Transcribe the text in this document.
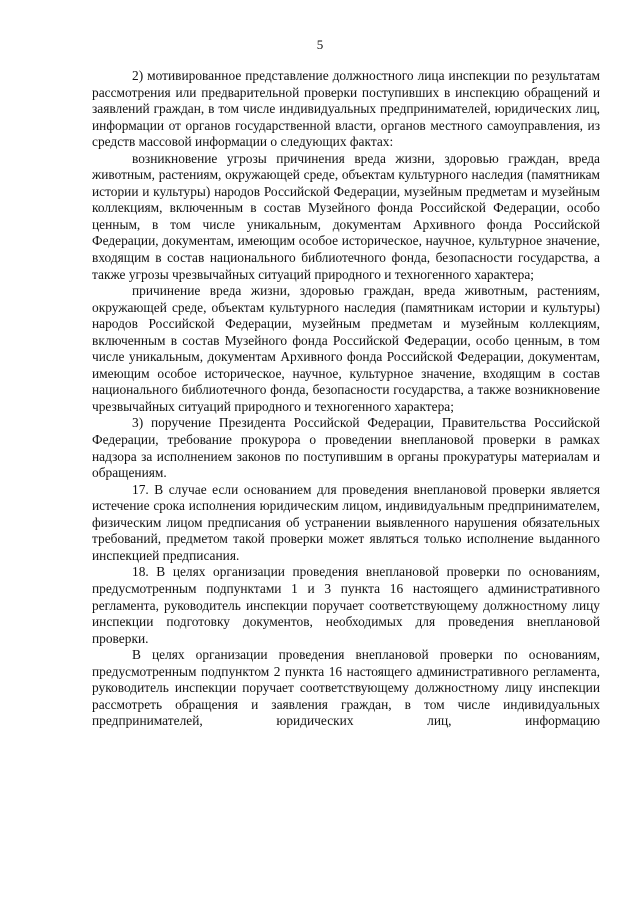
5

2) мотивированное представление должностного лица инспекции по результатам рассмотрения или предварительной проверки поступивших в инспекцию обращений и заявлений граждан, в том числе индивидуальных предпринимателей, юридических лиц, информации от органов государственной власти, органов местного самоуправления, из средств массовой информации о следующих фактах:

возникновение угрозы причинения вреда жизни, здоровью граждан, вреда животным, растениям, окружающей среде, объектам культурного наследия (памятникам истории и культуры) народов Российской Федерации, музейным предметам и музейным коллекциям, включенным в состав Музейного фонда Российской Федерации, особо ценным, в том числе уникальным, документам Архивного фонда Российской Федерации, документам, имеющим особое историческое, научное, культурное значение, входящим в состав национального библиотечного фонда, безопасности государства, а также угрозы чрезвычайных ситуаций природного и техногенного характера;

причинение вреда жизни, здоровью граждан, вреда животным, растениям, окружающей среде, объектам культурного наследия (памятникам истории и культуры) народов Российской Федерации, музейным предметам и музейным коллекциям, включенным в состав Музейного фонда Российской Федерации, особо ценным, в том числе уникальным, документам Архивного фонда Российской Федерации, документам, имеющим особое историческое, научное, культурное значение, входящим в состав национального библиотечного фонда, безопасности государства, а также возникновение чрезвычайных ситуаций природного и техногенного характера;

3) поручение Президента Российской Федерации, Правительства Российской Федерации, требование прокурора о проведении внеплановой проверки в рамках надзора за исполнением законов по поступившим в органы прокуратуры материалам и обращениям.

17. В случае если основанием для проведения внеплановой проверки является истечение срока исполнения юридическим лицом, индивидуальным предпринимателем, физическим лицом предписания об устранении выявленного нарушения обязательных требований, предметом такой проверки может являться только исполнение выданного инспекцией предписания.

18. В целях организации проведения внеплановой проверки по основаниям, предусмотренным подпунктами 1 и 3 пункта 16 настоящего административного регламента, руководитель инспекции поручает соответствующему должностному лицу инспекции подготовку документов, необходимых для проведения внеплановой проверки.

В целях организации проведения внеплановой проверки по основаниям, предусмотренным подпунктом 2 пункта 16 настоящего административного регламента, руководитель инспекции поручает соответствующему должностному лицу инспекции рассмотреть обращения и заявления граждан, в том числе индивидуальных предпринимателей, юридических лиц, информацию
